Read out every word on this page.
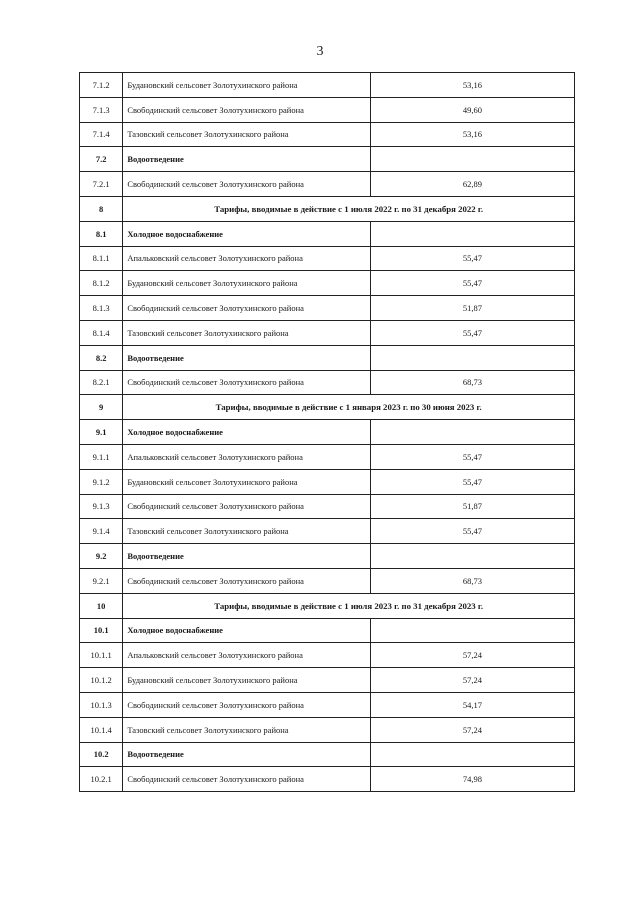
3
7.1.2	Будановский сельсовет Золотухинского района	53,16
7.1.3	Свободинский сельсовет Золотухинского района	49,60
7.1.4	Тазовский сельсовет Золотухинского района	53,16
7.2	Водоотведение	
7.2.1	Свободинский сельсовет Золотухинского района	62,89
8	Тарифы, вводимые в действие с 1 июля 2022 г. по 31 декабря 2022 г.	
8.1	Холодное водоснабжение	
8.1.1	Апальковский сельсовет Золотухинского района	55,47
8.1.2	Будановский сельсовет Золотухинского района	55,47
8.1.3	Свободинский сельсовет Золотухинского района	51,87
8.1.4	Тазовский сельсовет Золотухинского района	55,47
8.2	Водоотведение	
8.2.1	Свободинский сельсовет Золотухинского района	68,73
9	Тарифы, вводимые в действие с 1 января 2023 г. по 30 июня 2023 г.	
9.1	Холодное водоснабжение	
9.1.1	Апальковский сельсовет Золотухинского района	55,47
9.1.2	Будановский сельсовет Золотухинского района	55,47
9.1.3	Свободинский сельсовет Золотухинского района	51,87
9.1.4	Тазовский сельсовет Золотухинского района	55,47
9.2	Водоотведение	
9.2.1	Свободинский сельсовет Золотухинского района	68,73
10	Тарифы, вводимые в действие с 1 июля 2023 г. по 31 декабря 2023 г.	
10.1	Холодное водоснабжение	
10.1.1	Апальковский сельсовет Золотухинского района	57,24
10.1.2	Будановский сельсовет Золотухинского района	57,24
10.1.3	Свободинский сельсовет Золотухинского района	54,17
10.1.4	Тазовский сельсовет Золотухинского района	57,24
10.2	Водоотведение	
10.2.1	Свободинский сельсовет Золотухинского района	74,98
